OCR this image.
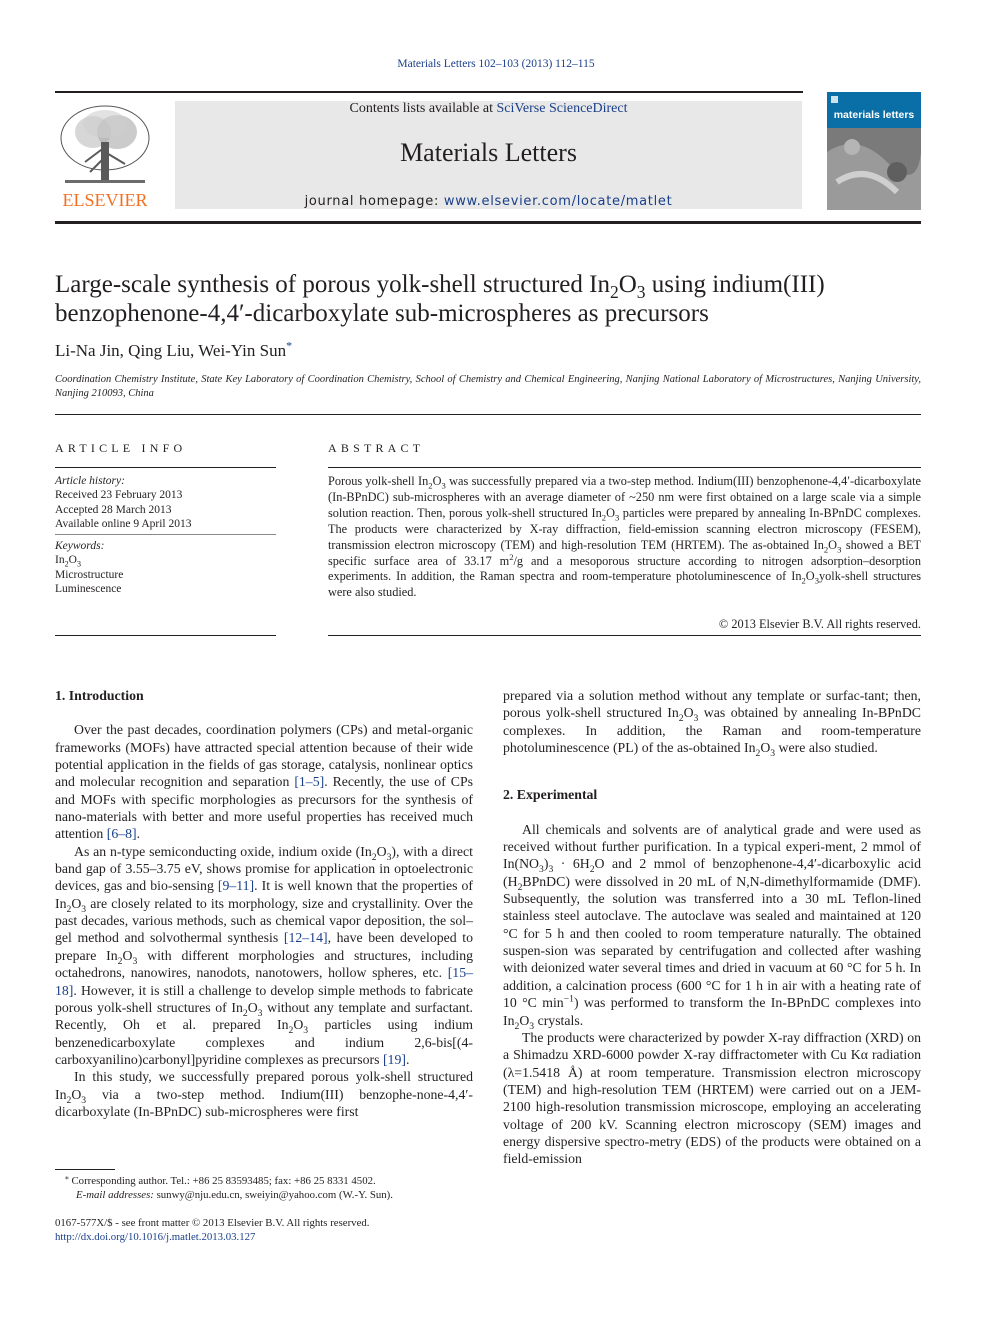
Materials Letters 102–103 (2013) 112–115
Contents lists available at SciVerse ScienceDirect
Materials Letters
journal homepage: www.elsevier.com/locate/matlet
ELSEVIER
materials letters
Large-scale synthesis of porous yolk-shell structured $In_2O_3$ using indium(III)
benzophenone-4,4′-dicarboxylate sub-microspheres as precursors
Li-Na Jin, Qing Liu, Wei-Yin Sun*
Coordination Chemistry Institute, State Key Laboratory of Coordination Chemistry, School of Chemistry and Chemical Engineering, Nanjing National Laboratory of Microstructures, Nanjing University, Nanjing 210093, China
ARTICLE INFO	ABSTRACT
Article history:
Received 23 February 2013
Accepted 28 March 2013
Available online 9 April 2013
Keywords:
$In_2O_3$
Microstructure
Luminescence
Porous yolk-shell $In_2O_3$ was successfully prepared via a two-step method. Indium(III) benzophenone-4,4′-dicarboxylate (In-BPnDC) sub-microspheres with an average diameter of ~250 nm were first obtained on a large scale via a simple solution reaction. Then, porous yolk-shell structured $In_2O_3$ particles were prepared by annealing In-BPnDC complexes. The products were characterized by X-ray diffraction, field-emission scanning electron microscopy (FESEM), transmission electron microscopy (TEM) and high-resolution TEM (HRTEM). The as-obtained $In_2O_3$ showed a BET specific surface area of 33.17 $m^2/g$ and a mesoporous structure according to nitrogen adsorption–desorption experiments. In addition, the Raman spectra and room-temperature photoluminescence of $In_2O_3yolk$-shell structures were also studied.
© 2013 Elsevier B.V. All rights reserved.
1. Introduction

Over the past decades, coordination polymers (CPs) and metal-organic frameworks (MOFs) have attracted special attention because of their wide potential application in the fields of gas storage, catalysis, nonlinear optics and molecular recognition and separation [1–5]. Recently, the use of CPs and MOFs with specific morphologies as precursors for the synthesis of nano-materials with better and more useful properties has received much attention [6–8].

As an n-type semiconducting oxide, indium oxide $(In_2O_3)$, with a direct band gap of 3.55–3.75 eV, shows promise for application in optoelectronic devices, gas and bio-sensing [9–11]. It is well known that the properties of $In_2O_3$ are closely related to its morphology, size and crystallinity. Over the past decades, various methods, such as chemical vapor deposition, the sol–gel method and solvothermal synthesis [12–14], have been developed to prepare $In_2O_3$ with different morphologies and structures, including octahedrons, nanowires, nanodots, nanotowers, hollow spheres, etc. [15–18]. However, it is still a challenge to develop simple methods to fabricate porous yolk-shell structures of $In_2O_3$ without any template and surfactant. Recently, Oh et al. prepared $In_2O_3$ particles using indium benzenedicarboxylate complexes and indium 2,6-bis[(4-carboxyanilino)carbonyl]pyridine complexes as precursors [19].

In this study, we successfully prepared porous yolk-shell structured $In_2O_3$ via a two-step method. Indium(III) benzophe-none-4,4′-dicarboxylate (In-BPnDC) sub-microspheres were first

prepared via a solution method without any template or surfac-tant; then, porous yolk-shell structured $In_2O_3$ was obtained by annealing In-BPnDC complexes. In addition, the Raman and room-temperature photoluminescence (PL) of the as-obtained $In_2O_3$ were also studied.

2. Experimental

All chemicals and solvents are of analytical grade and were used as received without further purification. In a typical experi-ment, 2 mmol of $In(NO_3)_3 \cdot 6H_2O$ and 2 mmol of benzophenone-4,4′-dicarboxylic acid $(H_2BPnDC)$ were dissolved in 20 mL of N,N-dimethylformamide (DMF). Subsequently, the solution was transferred into a 30 mL Teflon-lined stainless steel autoclave. The autoclave was sealed and maintained at 120 °C for 5 h and then cooled to room temperature naturally. The obtained suspen-sion was separated by centrifugation and collected after washing with deionized water several times and dried in vacuum at 60 °C for 5 h. In addition, a calcination process (600 °C for 1 h in air with a heating rate of 10 °C $\min^{-1}$) was performed to transform the In-BPnDC complexes into $In_2O_3$ crystals.

The products were characterized by powder X-ray diffraction (XRD) on a Shimadzu XRD-6000 powder X-ray diffractometer with Cu Kα radiation (λ=1.5418 Å) at room temperature. Transmission electron microscopy (TEM) and high-resolution TEM (HRTEM) were carried out on a JEM-2100 high-resolution transmission microscope, employing an accelerating voltage of 200 kV. Scanning electron microscopy (SEM) images and energy dispersive spectro-metry (EDS) of the products were obtained on a field-emission

⁎ Corresponding author. Tel.: +86 25 83593485; fax: +86 25 8331 4502.
E-mail addresses: sunwy@nju.edu.cn, sweiyin@yahoo.com (W.-Y. Sun).
0167-577X/$ - see front matter © 2013 Elsevier B.V. All rights reserved.
http://dx.doi.org/10.1016/j.matlet.2013.03.127
